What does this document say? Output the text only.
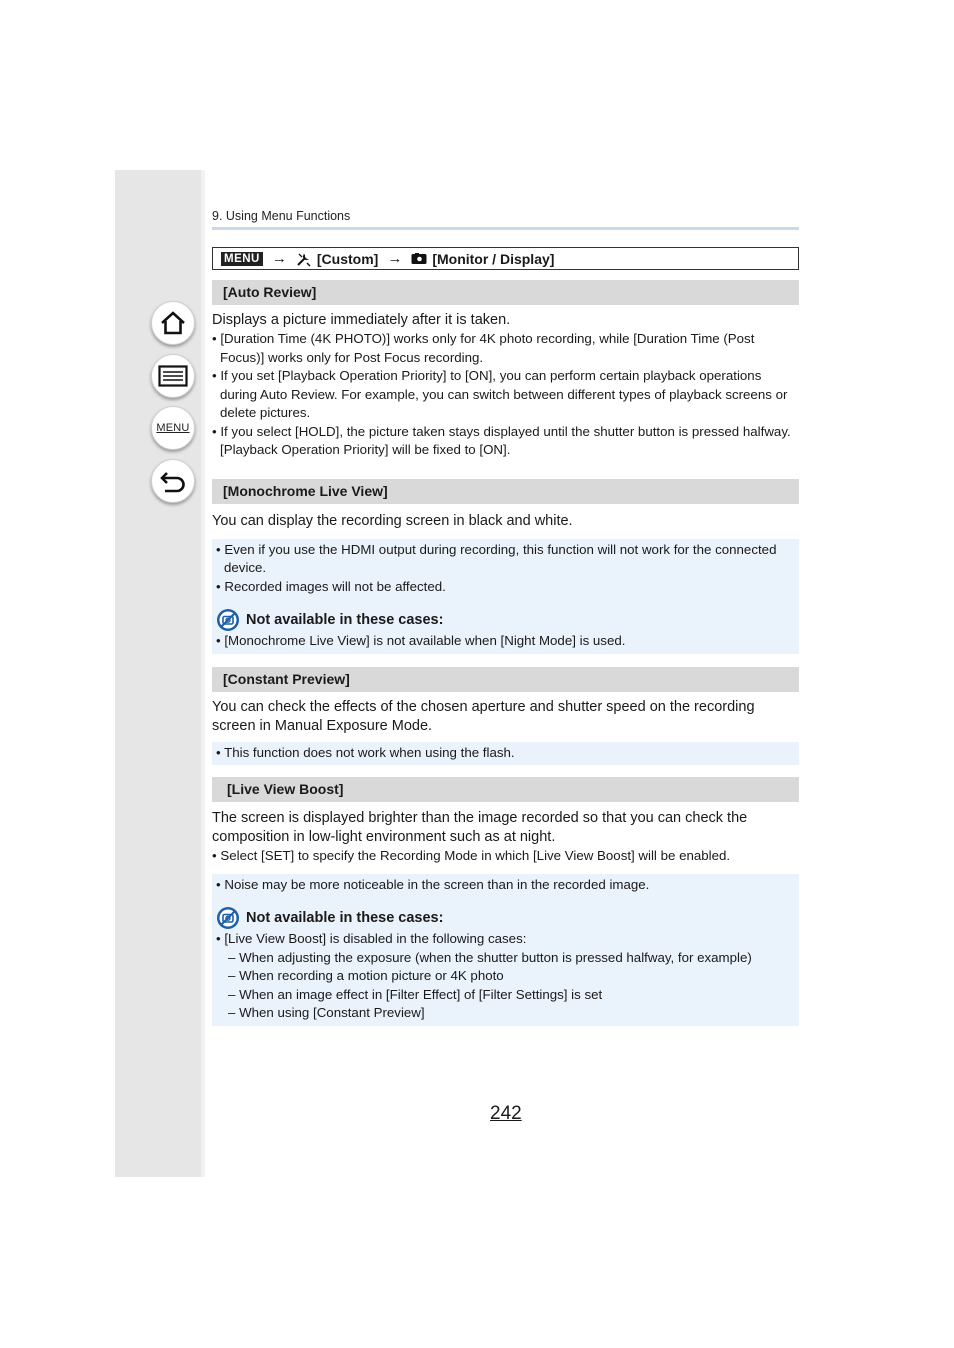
MENU
9. Using Menu Functions
MENU → [Custom] → [Monitor / Display]
[Auto Review]
Displays a picture immediately after it is taken.
• [Duration Time (4K PHOTO)] works only for 4K photo recording, while [Duration Time (Post Focus)] works only for Post Focus recording.
• If you set [Playback Operation Priority] to [ON], you can perform certain playback operations during Auto Review. For example, you can switch between different types of playback screens or delete pictures.
• If you select [HOLD], the picture taken stays displayed until the shutter button is pressed halfway. [Playback Operation Priority] will be fixed to [ON].
[Monochrome Live View]
You can display the recording screen in black and white.
• Even if you use the HDMI output during recording, this function will not work for the connected device.
• Recorded images will not be affected.
Not available in these cases:
• [Monochrome Live View] is not available when [Night Mode] is used.
[Constant Preview]
You can check the effects of the chosen aperture and shutter speed on the recording screen in Manual Exposure Mode.
• This function does not work when using the flash.
[Live View Boost]
The screen is displayed brighter than the image recorded so that you can check the composition in low-light environment such as at night.
• Select [SET] to specify the Recording Mode in which [Live View Boost] will be enabled.
• Noise may be more noticeable in the screen than in the recorded image.
Not available in these cases:
• [Live View Boost] is disabled in the following cases:
– When adjusting the exposure (when the shutter button is pressed halfway, for example)
– When recording a motion picture or 4K photo
– When an image effect in [Filter Effect] of [Filter Settings] is set
– When using [Constant Preview]
242
